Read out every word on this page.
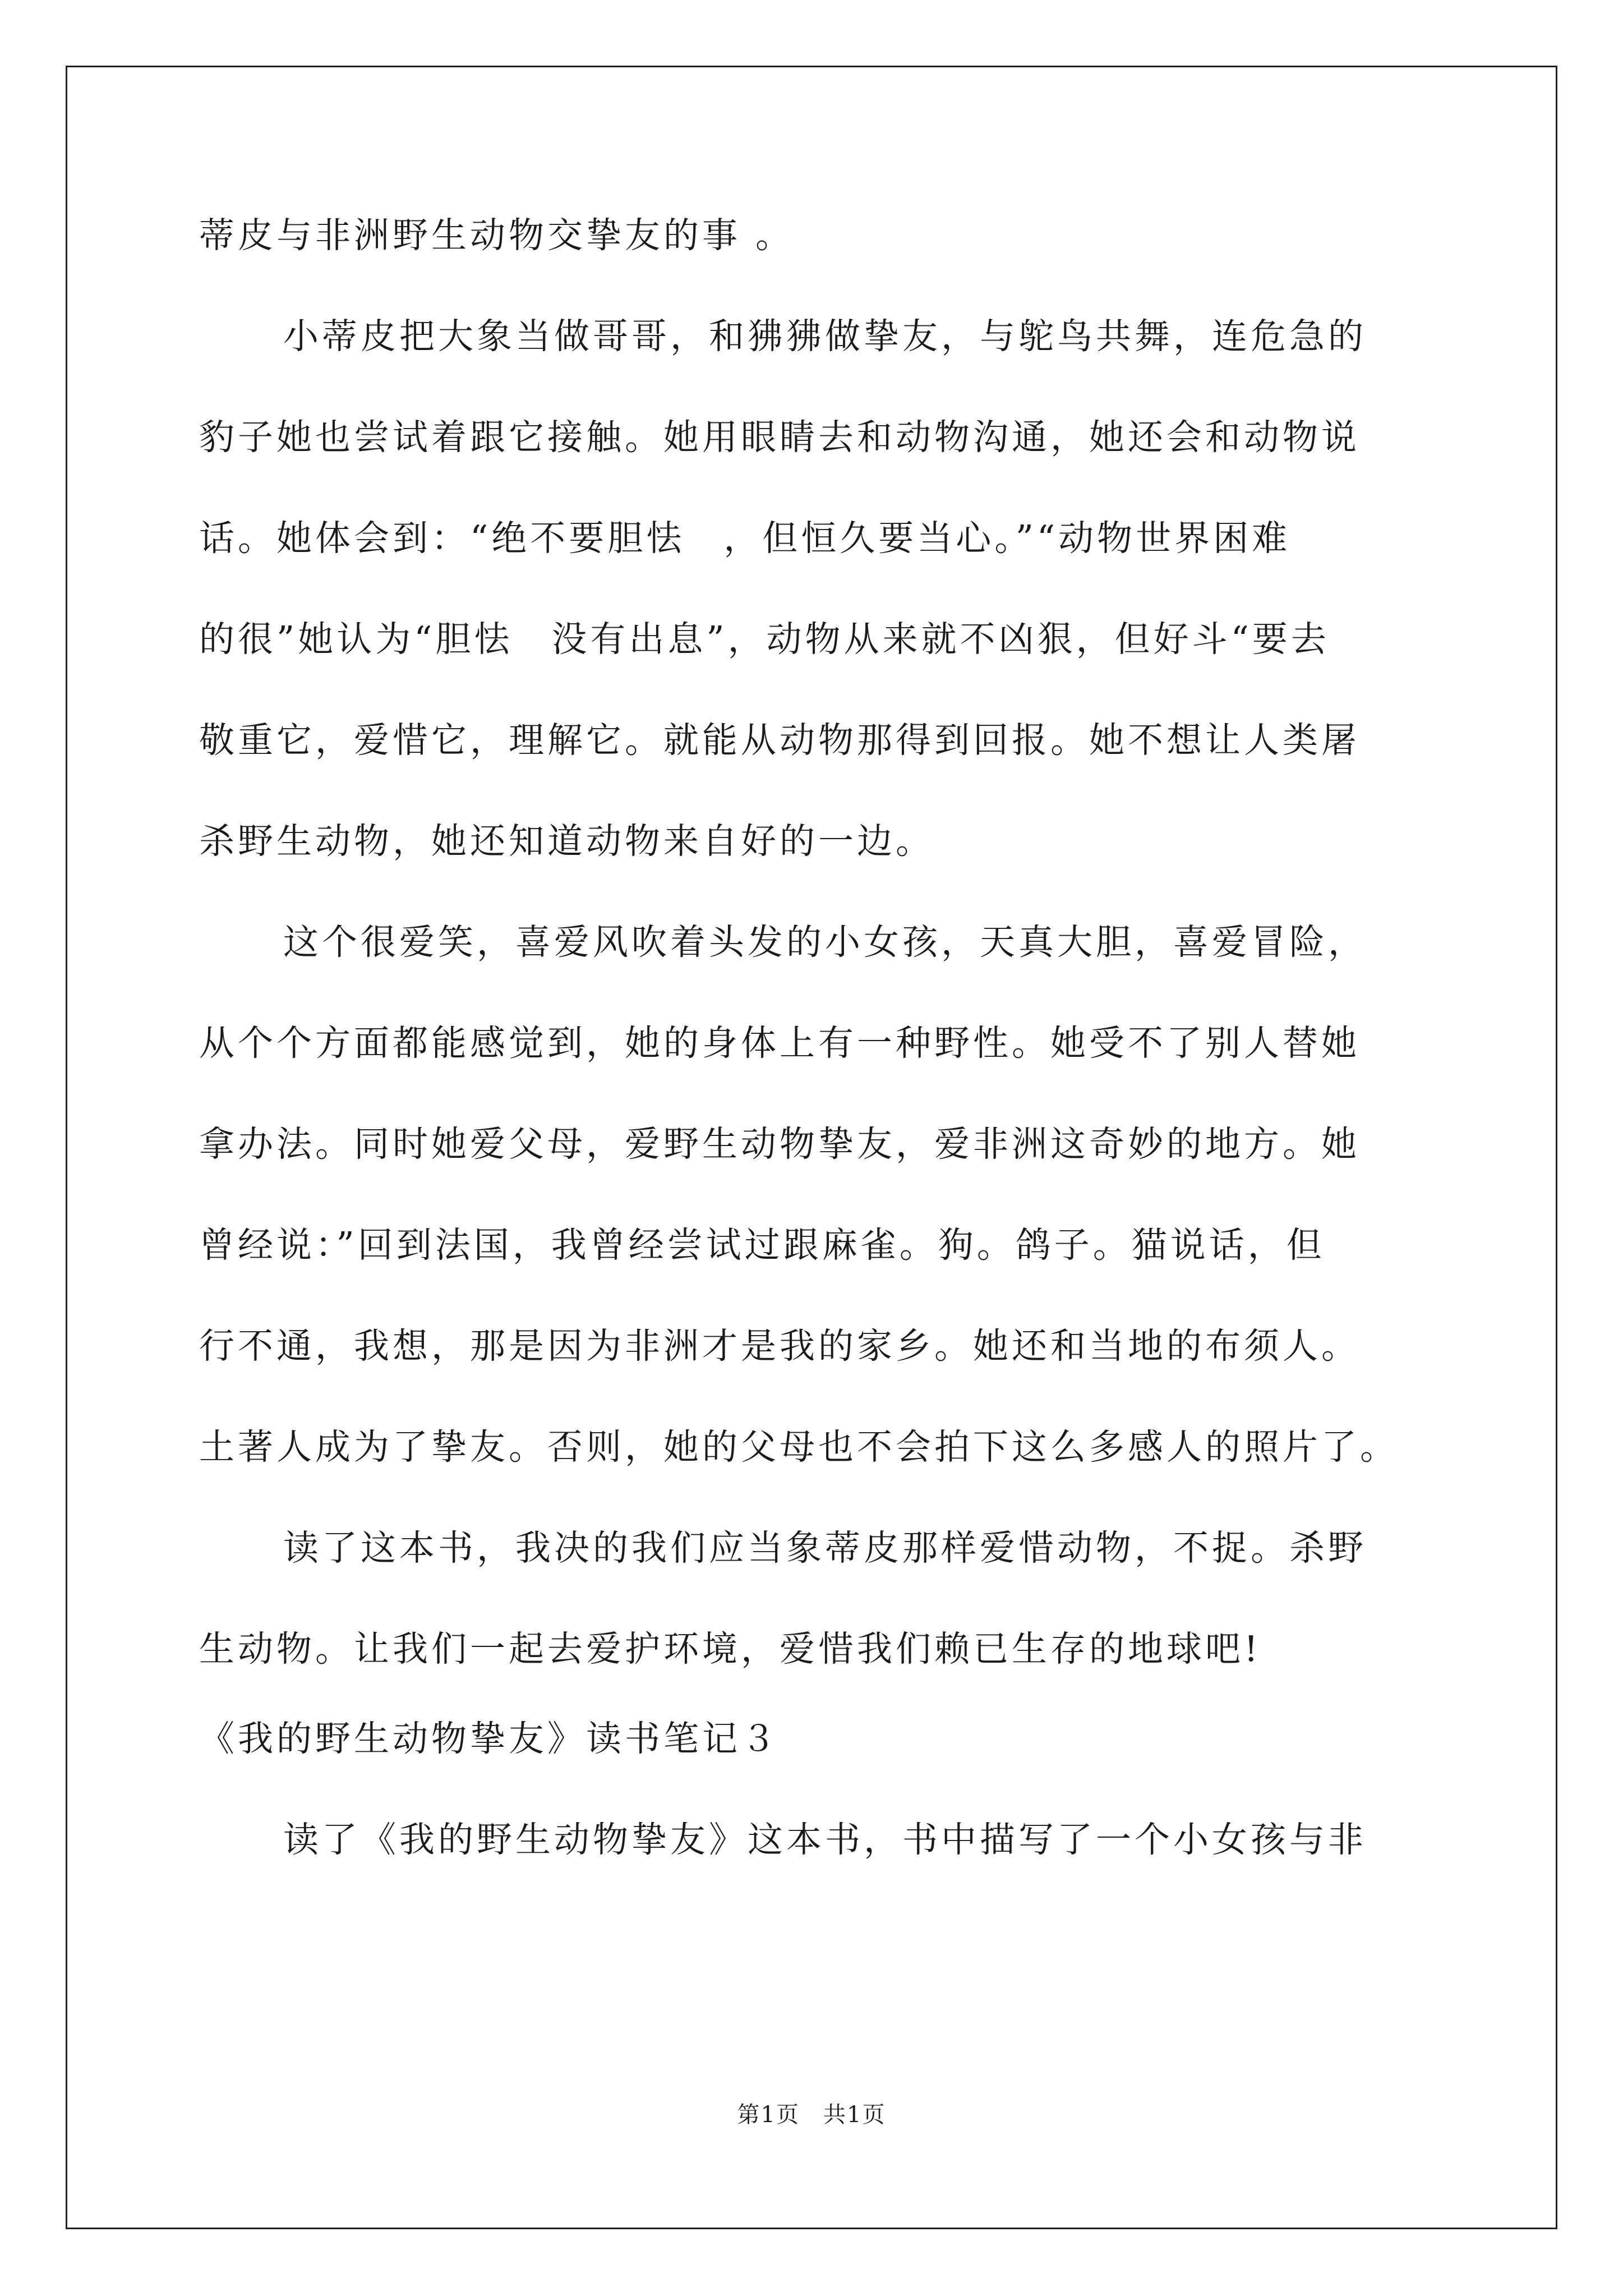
蒂皮与非洲野生动物交挚友的事 。
小蒂皮把大象当做哥哥，和狒狒做挚友，与鸵鸟共舞，连危急的
豹子她也尝试着跟它接触。她用眼睛去和动物沟通，她还会和动物说
话。她体会到：“绝不要胆怯　，但恒久要当心。”“动物世界困难
的很”她认为“胆怯　没有出息”，动物从来就不凶狠，但好斗“要去
敬重它，爱惜它，理解它。就能从动物那得到回报。她不想让人类屠
杀野生动物，她还知道动物来自好的一边。
这个很爱笑，喜爱风吹着头发的小女孩，天真大胆，喜爱冒险，
从个个方面都能感觉到，她的身体上有一种野性。她受不了别人替她
拿办法。同时她爱父母，爱野生动物挚友，爱非洲这奇妙的地方。她
曾经说：”回到法国，我曾经尝试过跟麻雀。狗。鸽子。猫说话，但
行不通，我想，那是因为非洲才是我的家乡。她还和当地的布须人。
土著人成为了挚友。否则，她的父母也不会拍下这么多感人的照片了。
读了这本书，我决的我们应当象蒂皮那样爱惜动物，不捉。杀野
生动物。让我们一起去爱护环境，爱惜我们赖已生存的地球吧!
《我的野生动物挚友》读书笔记３
读了《我的野生动物挚友》这本书，书中描写了一个小女孩与非
第1页　共1页
